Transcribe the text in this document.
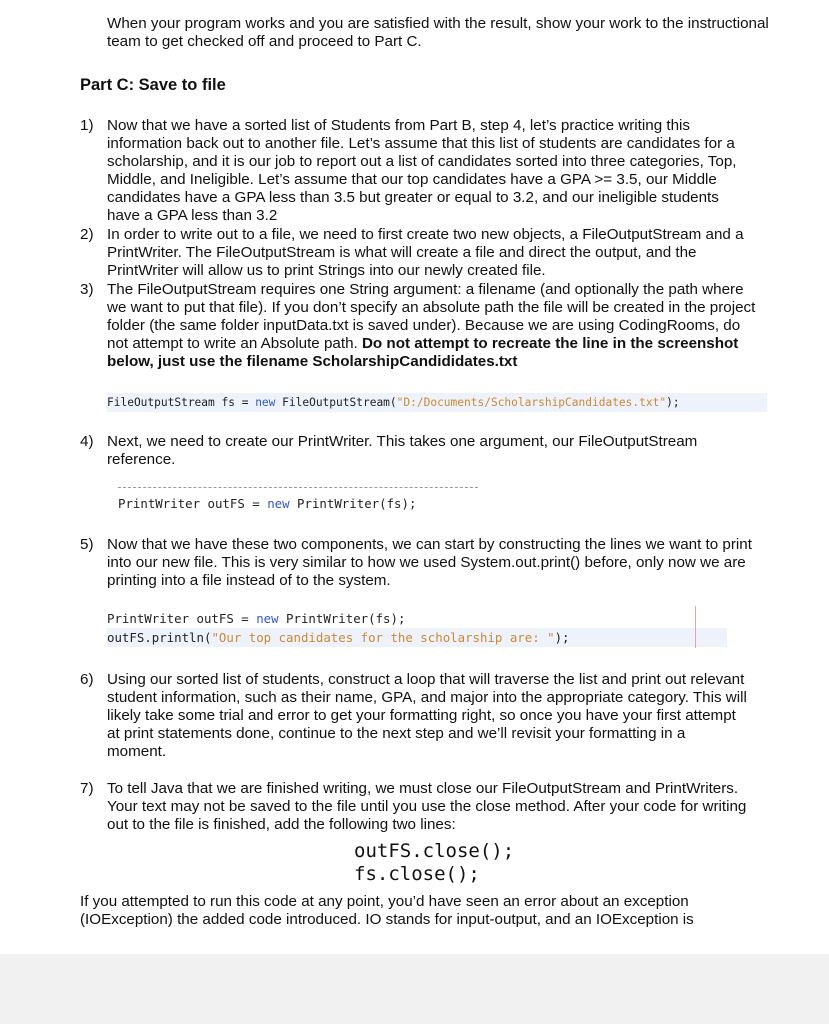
When your program works and you are satisfied with the result, show your work to the instructional team to get checked off and proceed to Part C.

Part C: Save to file
1) Now that we have a sorted list of Students from Part B, step 4, let’s practice writing this information back out to another file. Let’s assume that this list of students are candidates for a scholarship, and it is our job to report out a list of candidates sorted into three categories, Top, Middle, and Ineligible. Let’s assume that our top candidates have a GPA >= 3.5, our Middle candidates have a GPA less than 3.5 but greater or equal to 3.2, and our ineligible students have a GPA less than 3.2
2) In order to write out to a file, we need to first create two new objects, a FileOutputStream and a PrintWriter. The FileOutputStream is what will create a file and direct the output, and the PrintWriter will allow us to print Strings into our newly created file.
3) The FileOutputStream requires one String argument: a filename (and optionally the path where we want to put that file). If you don’t specify an absolute path the file will be created in the project folder (the same folder inputData.txt is saved under). Because we are using CodingRooms, do not attempt to write an Absolute path. Do not attempt to recreate the line in the screenshot below, just use the filename ScholarshipCandididates.txt
FileOutputStream fs = new FileOutputStream("D:/Documents/ScholarshipCandidates.txt");
4) Next, we need to create our PrintWriter. This takes one argument, our FileOutputStream reference.
PrintWriter outFS = new PrintWriter(fs);
5) Now that we have these two components, we can start by constructing the lines we want to print into our new file. This is very similar to how we used System.out.print() before, only now we are printing into a file instead of to the system.
PrintWriter outFS = new PrintWriter(fs);
outFS.println("Our top candidates for the scholarship are: ");
6) Using our sorted list of students, construct a loop that will traverse the list and print out relevant student information, such as their name, GPA, and major into the appropriate category. This will likely take some trial and error to get your formatting right, so once you have your first attempt at print statements done, continue to the next step and we’ll revisit your formatting in a moment.
7) To tell Java that we are finished writing, we must close our FileOutputStream and PrintWriters. Your text may not be saved to the file until you use the close method. After your code for writing out to the file is finished, add the following two lines:
outFS.close();
fs.close();

If you attempted to run this code at any point, you’d have seen an error about an exception (IOException) the added code introduced. IO stands for input-output, and an IOException is
